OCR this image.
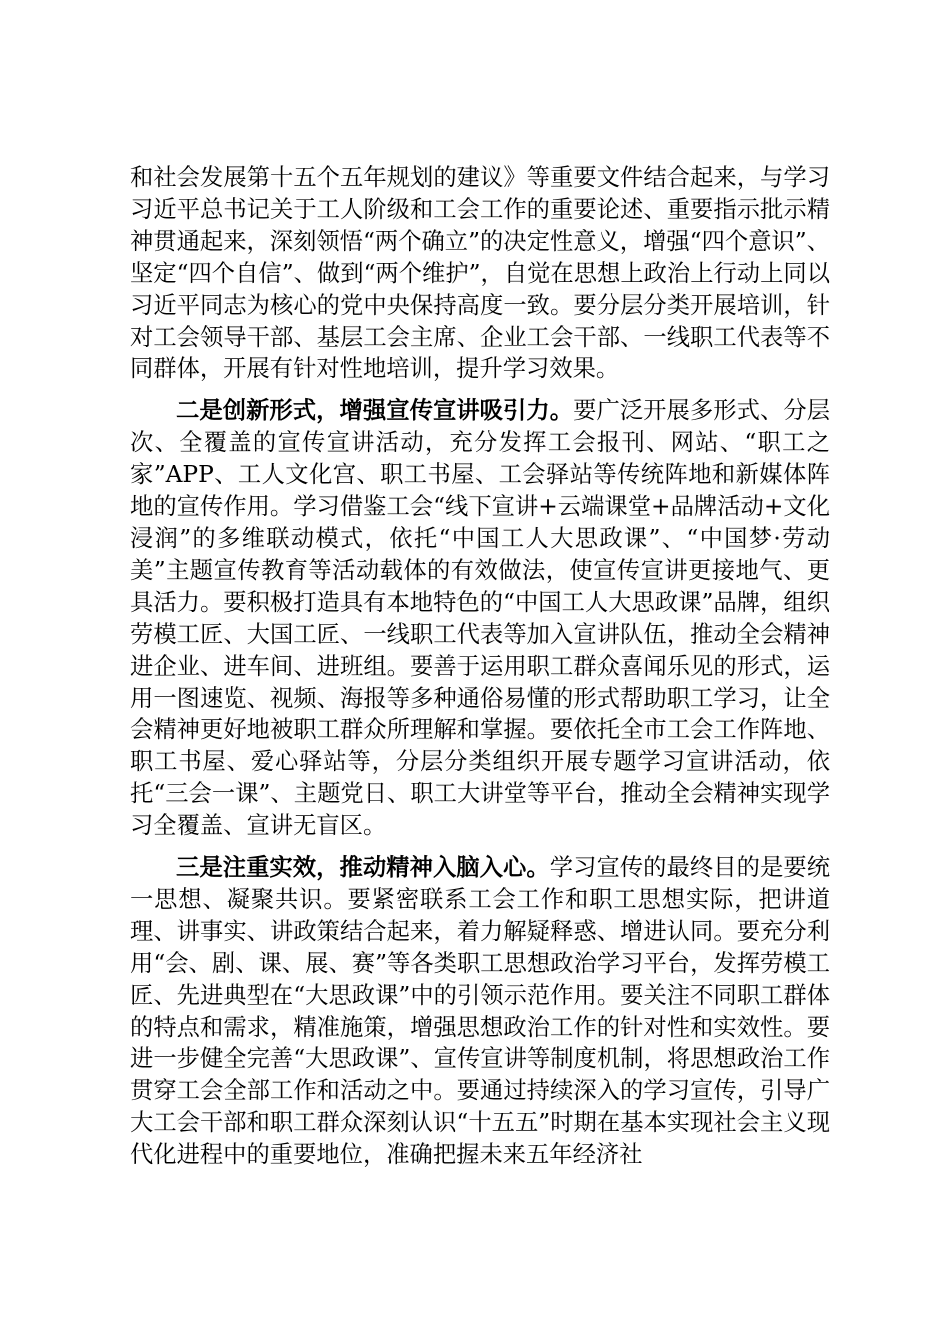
和社会发展第十五个五年规划的建议》等重要文件结合起来，与学习习近平总书记关于工人阶级和工会工作的重要论述、重要指示批示精神贯通起来，深刻领悟“两个确立”的决定性意义，增强“四个意识”、坚定“四个自信”、做到“两个维护”，自觉在思想上政治上行动上同以习近平同志为核心的党中央保持高度一致。要分层分类开展培训，针对工会领导干部、基层工会主席、企业工会干部、一线职工代表等不同群体，开展有针对性地培训，提升学习效果。

二是创新形式，增强宣传宣讲吸引力。要广泛开展多形式、分层次、全覆盖的宣传宣讲活动，充分发挥工会报刊、网站、“职工之家”APP、工人文化宫、职工书屋、工会驿站等传统阵地和新媒体阵地的宣传作用。学习借鉴工会“线下宣讲+云端课堂+品牌活动+文化浸润”的多维联动模式，依托“中国工人大思政课”、“中国梦·劳动美”主题宣传教育等活动载体的有效做法，使宣传宣讲更接地气、更具活力。要积极打造具有本地特色的“中国工人大思政课”品牌，组织劳模工匠、大国工匠、一线职工代表等加入宣讲队伍，推动全会精神进企业、进车间、进班组。要善于运用职工群众喜闻乐见的形式，运用一图速览、视频、海报等多种通俗易懂的形式帮助职工学习，让全会精神更好地被职工群众所理解和掌握。要依托全市工会工作阵地、职工书屋、爱心驿站等，分层分类组织开展专题学习宣讲活动，依托“三会一课”、主题党日、职工大讲堂等平台，推动全会精神实现学习全覆盖、宣讲无盲区。

三是注重实效，推动精神入脑入心。学习宣传的最终目的是要统一思想、凝聚共识。要紧密联系工会工作和职工思想实际，把讲道理、讲事实、讲政策结合起来，着力解疑释惑、增进认同。要充分利用“会、剧、课、展、赛”等各类职工思想政治学习平台，发挥劳模工匠、先进典型在“大思政课”中的引领示范作用。要关注不同职工群体的特点和需求，精准施策，增强思想政治工作的针对性和实效性。要进一步健全完善“大思政课”、宣传宣讲等制度机制，将思想政治工作贯穿工会全部工作和活动之中。要通过持续深入的学习宣传，引导广大工会干部和职工群众深刻认识“十五五”时期在基本实现社会主义现代化进程中的重要地位，准确把握未来五年经济社
